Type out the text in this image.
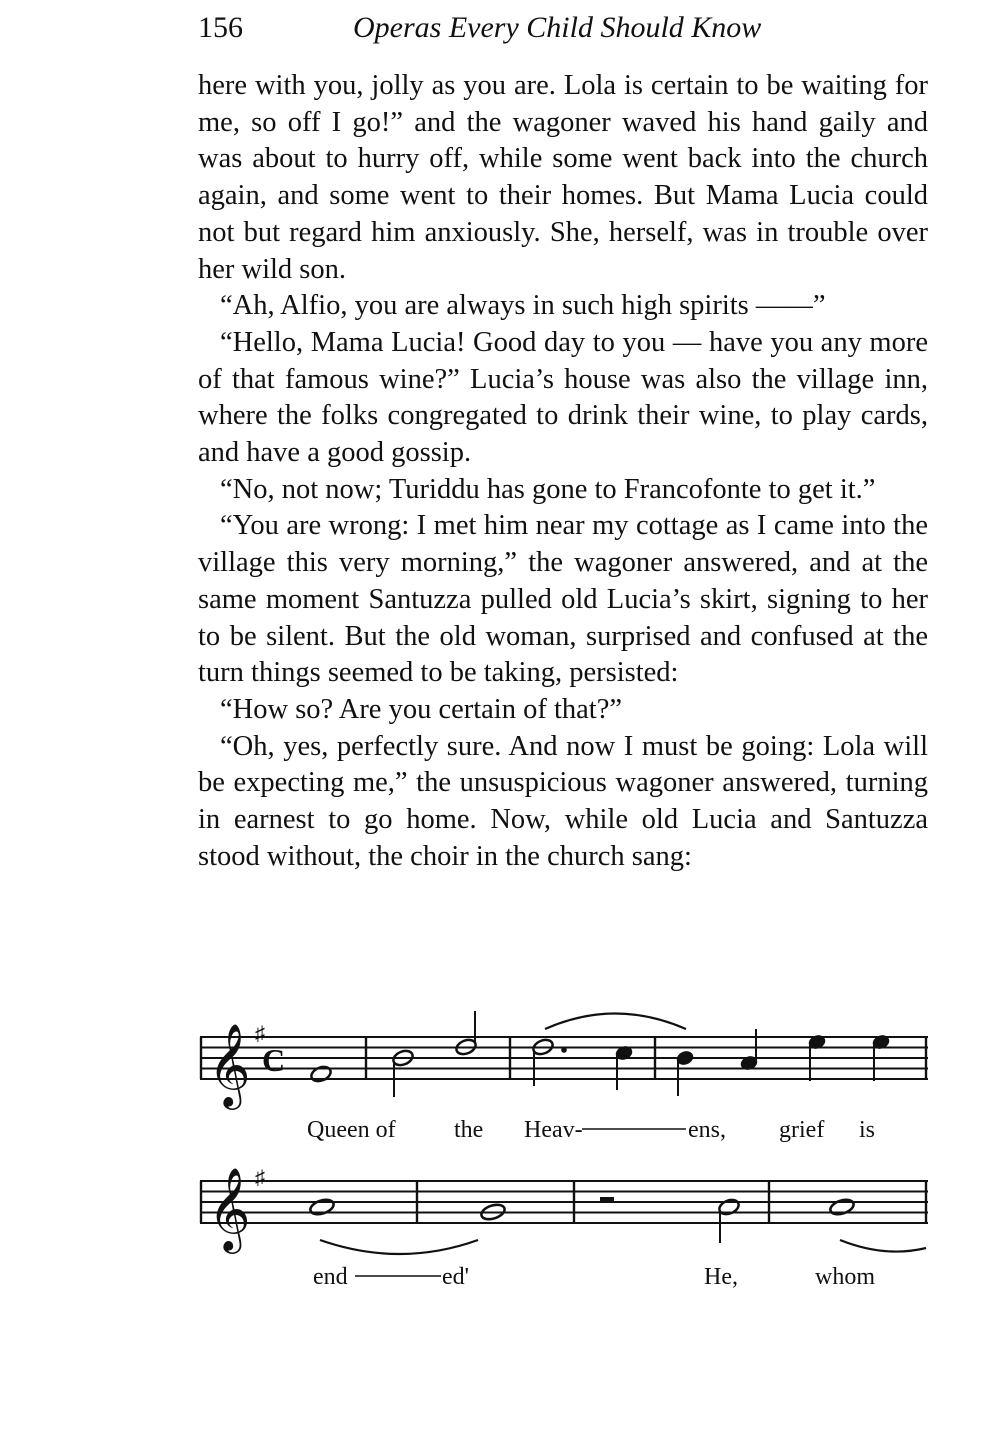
156	Operas Every Child Should Know

here with you, jolly as you are. Lola is certain to be waiting for me, so off I go!” and the wagoner waved his hand gaily and was about to hurry off, while some went back into the church again, and some went to their homes. But Mama Lucia could not but regard him anxiously. She, herself, was in trouble over her wild son.

“Ah, Alfio, you are always in such high spirits ——”

“Hello, Mama Lucia! Good day to you — have you any more of that famous wine?” Lucia’s house was also the village inn, where the folks congregated to drink their wine, to play cards, and have a good gossip.

“No, not now; Turiddu has gone to Francofonte to get it.”

“You are wrong: I met him near my cottage as I came into the village this very morning,” the wagoner answered, and at the same moment Santuzza pulled old Lucia’s skirt, signing to her to be silent. But the old woman, surprised and confused at the turn things seemed to be taking, persisted:

“How so? Are you certain of that?”

“Oh, yes, perfectly sure. And now I must be going: Lola will be expecting me,” the unsuspicious wagoner answered, turning in earnest to go home. Now, while old Lucia and Santuzza stood without, the choir in the church sang:

𝄞 ♯
C
Queen of the Heav-	ens, grief is
𝄞 ♯
end	ed'	He,	whom
